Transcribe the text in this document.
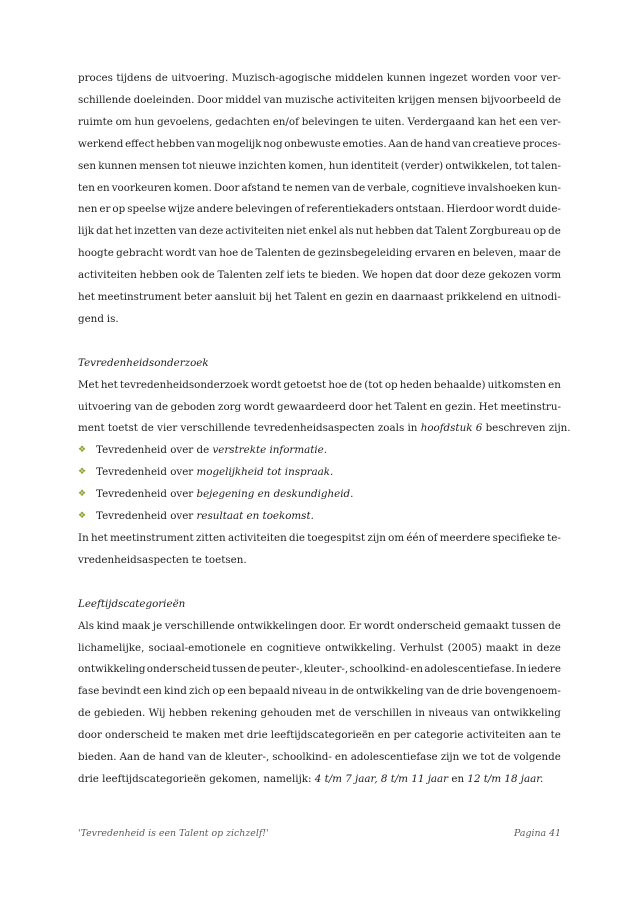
proces tijdens de uitvoering. Muzisch-agogische middelen kunnen ingezet worden voor ver-
schillende doeleinden. Door middel van muzische activiteiten krijgen mensen bijvoorbeeld de
ruimte om hun gevoelens, gedachten en/of belevingen te uiten. Verdergaand kan het een ver-
werkend effect hebben van mogelijk nog onbewuste emoties. Aan de hand van creatieve proces-
sen kunnen mensen tot nieuwe inzichten komen, hun identiteit (verder) ontwikkelen, tot talen-
ten en voorkeuren komen. Door afstand te nemen van de verbale, cognitieve invalshoeken kun-
nen er op speelse wijze andere belevingen of referentiekaders ontstaan. Hierdoor wordt duide-
lijk dat het inzetten van deze activiteiten niet enkel als nut hebben dat Talent Zorgbureau op de
hoogte gebracht wordt van hoe de Talenten de gezinsbegeleiding ervaren en beleven, maar de
activiteiten hebben ook de Talenten zelf iets te bieden. We hopen dat door deze gekozen vorm
het meetinstrument beter aansluit bij het Talent en gezin en daarnaast prikkelend en uitnodi-
gend is.
Tevredenheidsonderzoek
Met het tevredenheidsonderzoek wordt getoetst hoe de (tot op heden behaalde) uitkomsten en
uitvoering van de geboden zorg wordt gewaardeerd door het Talent en gezin. Het meetinstru-
ment toetst de vier verschillende tevredenheidsaspecten zoals in
hoofdstuk 6
beschreven zijn.
❖ Tevredenheid over de verstrekte informatie.
❖ Tevredenheid over mogelijkheid tot inspraak.
❖ Tevredenheid over bejegening en deskundigheid.
❖ Tevredenheid over resultaat en toekomst.
In het meetinstrument zitten activiteiten die toegespitst zijn om één of meerdere specifieke te-
vredenheidsaspecten te toetsen.
Leeftijdscategorieën
Als kind maak je verschillende ontwikkelingen door. Er wordt onderscheid gemaakt tussen de
lichamelijke, sociaal-emotionele en cognitieve ontwikkeling. Verhulst (2005) maakt in deze
ontwikkeling onderscheid tussen de peuter-, kleuter-, schoolkind- en adolescentiefase. In iedere
fase bevindt een kind zich op een bepaald niveau in de ontwikkeling van de drie bovengenoem-
de gebieden. Wij hebben rekening gehouden met de verschillen in niveaus van ontwikkeling
door onderscheid te maken met drie leeftijdscategorieën en per categorie activiteiten aan te
bieden. Aan de hand van de kleuter-, schoolkind- en adolescentiefase zijn we tot de volgende
drie leeftijdscategorieën gekomen, namelijk:
4 t/m 7 jaar, 8 t/m 11 jaar
en
12 t/m 18 jaar.
'Tevredenheid is een Talent op zichzelf!'	Pagina 41
